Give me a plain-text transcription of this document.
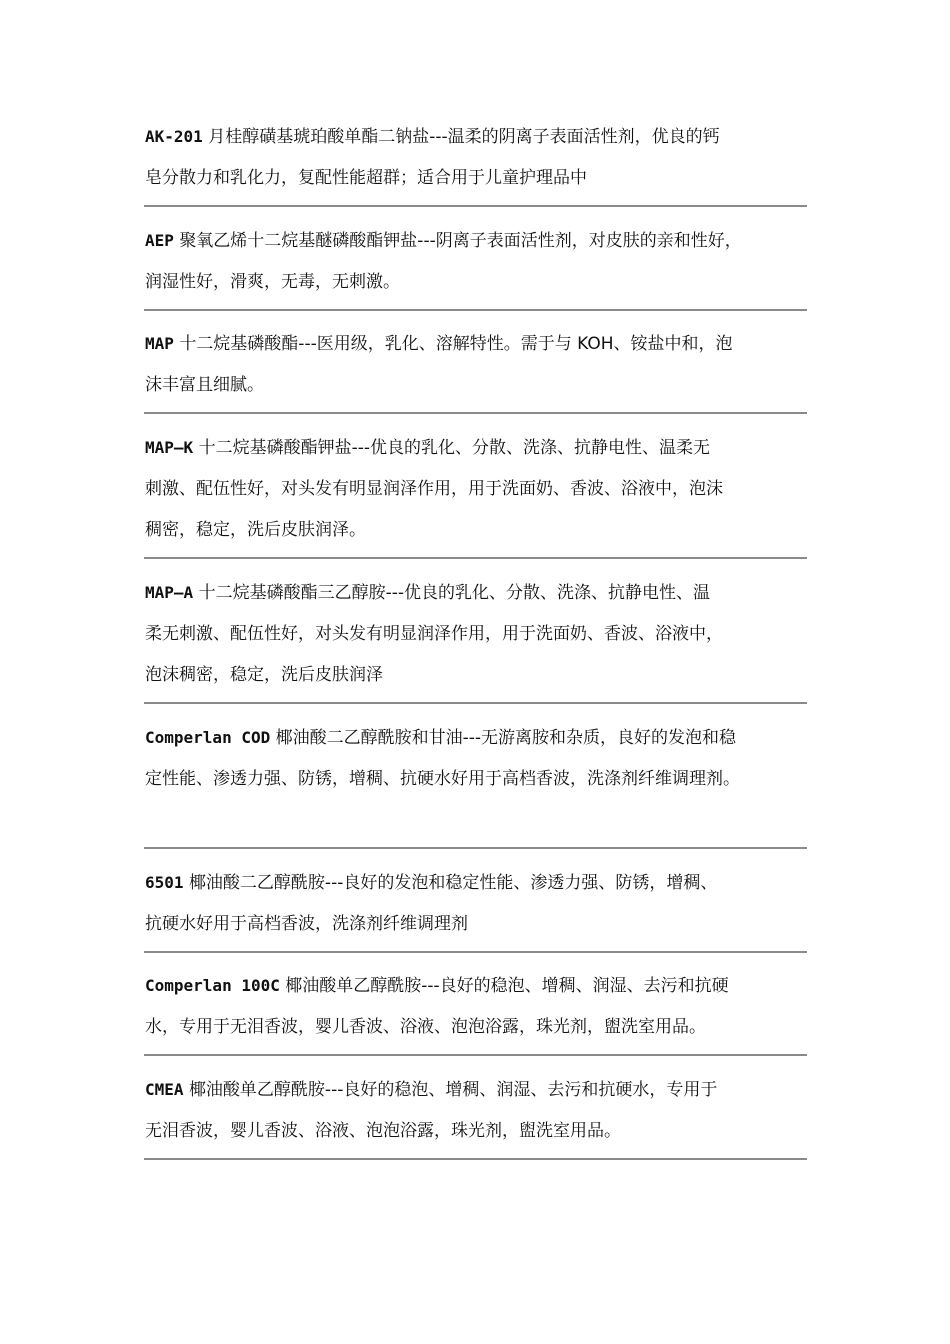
AK-201 月桂醇磺基琥珀酸单酯二钠盐---温柔的阴离子表面活性剂，优良的钙
皂分散力和乳化力，复配性能超群；适合用于儿童护理品中
AEP 聚氧乙烯十二烷基醚磷酸酯钾盐---阴离子表面活性剂，对皮肤的亲和性好，
润湿性好，滑爽，无毒，无刺激。
MAP 十二烷基磷酸酯---医用级，乳化、溶解特性。需于与 KOH、铵盐中和，泡
沫丰富且细腻。
MAP—K 十二烷基磷酸酯钾盐---优良的乳化、分散、洗涤、抗静电性、温柔无
刺激、配伍性好，对头发有明显润泽作用，用于洗面奶、香波、浴液中，泡沫
稠密，稳定，洗后皮肤润泽。
MAP—A 十二烷基磷酸酯三乙醇胺---优良的乳化、分散、洗涤、抗静电性、温
柔无刺激、配伍性好，对头发有明显润泽作用，用于洗面奶、香波、浴液中，
泡沫稠密，稳定，洗后皮肤润泽
Comperlan COD 椰油酸二乙醇酰胺和甘油---无游离胺和杂质，良好的发泡和稳
定性能、渗透力强、防锈，增稠、抗硬水好用于高档香波，洗涤剂纤维调理剂。
6501 椰油酸二乙醇酰胺---良好的发泡和稳定性能、渗透力强、防锈，增稠、
抗硬水好用于高档香波，洗涤剂纤维调理剂
Comperlan 100C 椰油酸单乙醇酰胺---良好的稳泡、增稠、润湿、去污和抗硬
水，专用于无泪香波，婴儿香波、浴液、泡泡浴露，珠光剂，盥洗室用品。
CMEA 椰油酸单乙醇酰胺---良好的稳泡、增稠、润湿、去污和抗硬水，专用于
无泪香波，婴儿香波、浴液、泡泡浴露，珠光剂，盥洗室用品。
